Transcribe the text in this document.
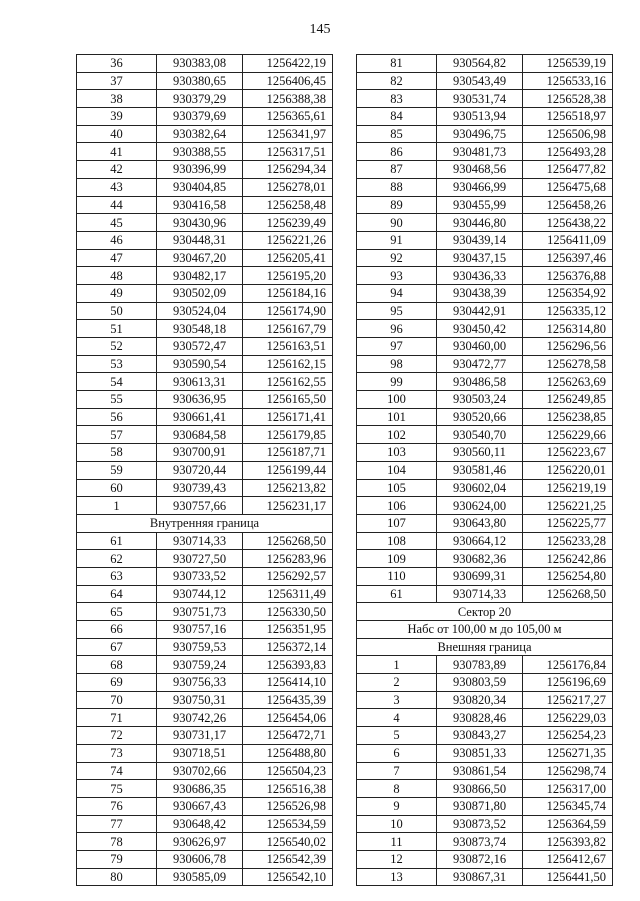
145
36	930383,08	1256422,19
37	930380,65	1256406,45
38	930379,29	1256388,38
39	930379,69	1256365,61
40	930382,64	1256341,97
41	930388,55	1256317,51
42	930396,99	1256294,34
43	930404,85	1256278,01
44	930416,58	1256258,48
45	930430,96	1256239,49
46	930448,31	1256221,26
47	930467,20	1256205,41
48	930482,17	1256195,20
49	930502,09	1256184,16
50	930524,04	1256174,90
51	930548,18	1256167,79
52	930572,47	1256163,51
53	930590,54	1256162,15
54	930613,31	1256162,55
55	930636,95	1256165,50
56	930661,41	1256171,41
57	930684,58	1256179,85
58	930700,91	1256187,71
59	930720,44	1256199,44
60	930739,43	1256213,82
1	930757,66	1256231,17
Внутренняя граница		
61	930714,33	1256268,50
62	930727,50	1256283,96
63	930733,52	1256292,57
64	930744,12	1256311,49
65	930751,73	1256330,50
66	930757,16	1256351,95
67	930759,53	1256372,14
68	930759,24	1256393,83
69	930756,33	1256414,10
70	930750,31	1256435,39
71	930742,26	1256454,06
72	930731,17	1256472,71
73	930718,51	1256488,80
74	930702,66	1256504,23
75	930686,35	1256516,38
76	930667,43	1256526,98
77	930648,42	1256534,59
78	930626,97	1256540,02
79	930606,78	1256542,39
80	930585,09	1256542,10
81	930564,82	1256539,19
82	930543,49	1256533,16
83	930531,74	1256528,38
84	930513,94	1256518,97
85	930496,75	1256506,98
86	930481,73	1256493,28
87	930468,56	1256477,82
88	930466,99	1256475,68
89	930455,99	1256458,26
90	930446,80	1256438,22
91	930439,14	1256411,09
92	930437,15	1256397,46
93	930436,33	1256376,88
94	930438,39	1256354,92
95	930442,91	1256335,12
96	930450,42	1256314,80
97	930460,00	1256296,56
98	930472,77	1256278,58
99	930486,58	1256263,69
100	930503,24	1256249,85
101	930520,66	1256238,85
102	930540,70	1256229,66
103	930560,11	1256223,67
104	930581,46	1256220,01
105	930602,04	1256219,19
106	930624,00	1256221,25
107	930643,80	1256225,77
108	930664,12	1256233,28
109	930682,36	1256242,86
110	930699,31	1256254,80
61	930714,33	1256268,50
Сектор 20		
Набс от 100,00 м до 105,00 м		
Внешняя граница		
1	930783,89	1256176,84
2	930803,59	1256196,69
3	930820,34	1256217,27
4	930828,46	1256229,03
5	930843,27	1256254,23
6	930851,33	1256271,35
7	930861,54	1256298,74
8	930866,50	1256317,00
9	930871,80	1256345,74
10	930873,52	1256364,59
11	930873,74	1256393,82
12	930872,16	1256412,67
13	930867,31	1256441,50
